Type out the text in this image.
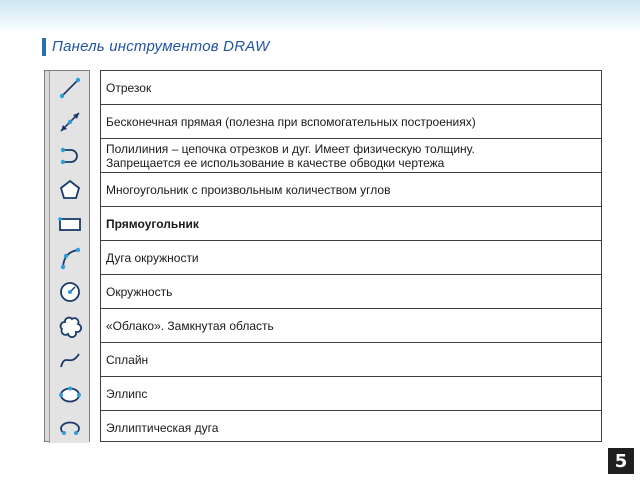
Панель инструментов DRAW
Отрезок
Бесконечная прямая (полезна при вспомогательных построениях)
Полилиния – цепочка отрезков и дуг. Имеет физическую толщину.
Запрещается ее использование в качестве обводки чертежа
Многоугольник с произвольным количеством углов
Прямоугольник
Дуга окружности
Окружность
«Облако». Замкнутая область
Сплайн
Эллипс
Эллиптическая дуга
5
